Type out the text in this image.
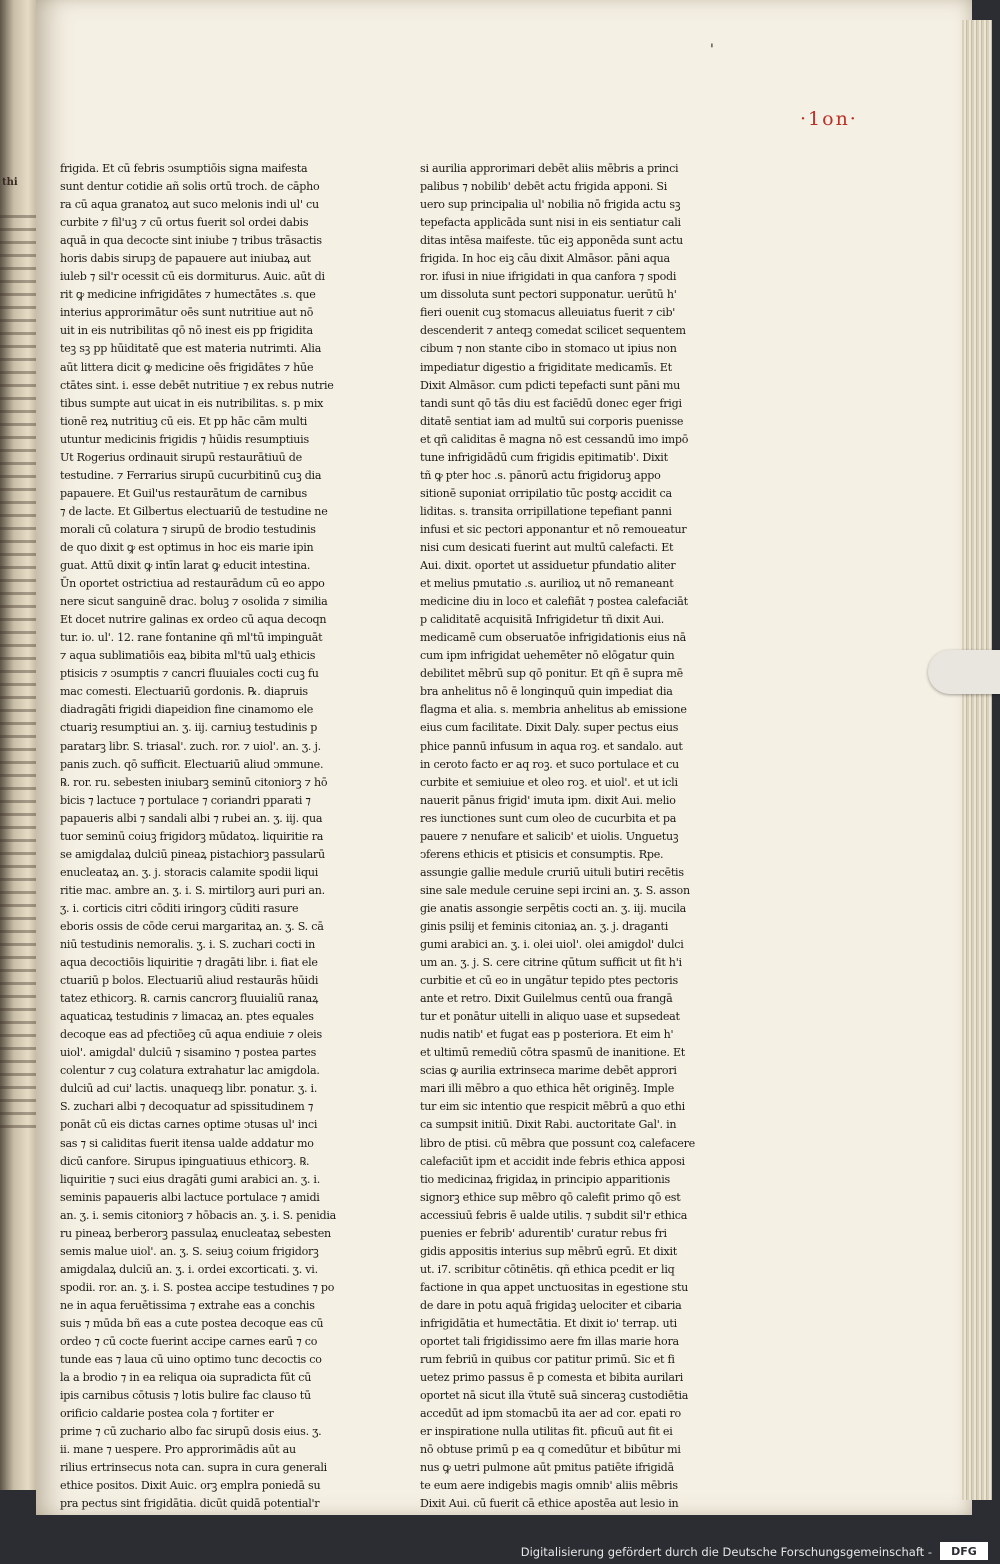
thi
'
·1on·
frigida. Et cū febris ↄsumptiōis signa maifesta
sunt dentur cotidie añ solis ortū troch. de cāpho
ra cū aqua granatoꝝ aut suco melonis indi ul' cu
curbite ⁊ fil'uꝫ ⁊ cū ortus fuerit sol ordei dabis
aquā in qua decocte sint iniube ⁊ tribus trāsactis
horis dabis sirupꝫ de papauere aut iniubaꝝ aut
iuleb ⁊ sil'r ocessit cū eis dormiturus. Auic. aūt di
rit ꝙ medicine infrigidātes ⁊ humectātes .s. que
interius approrimātur oēs sunt nutritiue aut nō
uit in eis nutribilitas qō nō inest eis pp frigidita
teꝫ sꝫ pp hūiditatē que est materia nutrimti. Alia
aūt littera dicit ꝙ medicine oēs frigidātes ⁊ hūe
ctātes sint. i. esse debēt nutritiue ⁊ ex rebus nutrie
tibus sumpte aut uicat in eis nutribilitas. s. p mix
tionē reꝝ nutritiuꝫ cū eis. Et pp hāc cām multi
utuntur medicinis frigidis ⁊ hūidis resumptiuis
Ut Rogerius ordinauit sirupū restaurātiuū de
testudine. ⁊ Ferrarius sirupū cucurbitinū cuꝫ dia
papauere. Et Guil'us restaurātum de carnibus
⁊ de lacte. Et Gilbertus electuariū de testudine ne
morali cū colatura ⁊ sirupū de brodio testudinis
de quo dixit ꝙ est optimus in hoc eis marie ipin
guat. Attū dixit ꝙ intīn larat ꝙ educit intestina.
Ūn oportet ostrictiua ad restaurādum cū eo appo
nere sicut sanguinē drac. boluꝫ ⁊ osolida ⁊ similia
Et docet nutrire galinas ex ordeo cū aqua decoqn
tur. io. ul'. 12. rane fontanine qñ ml'tū impinguāt
⁊ aqua sublimatiōis eaꝝ bibita ml'tū ualꝫ ethicis
ptisicis ⁊ ↄsumptis ⁊ cancri fluuiales cocti cuꝫ fu
mac comesti. Electuariū gordonis. ℞. diapruis
diadragāti frigidi diapeidion fine cinamomo ele
ctuariꝫ resumptiui an. ʒ. iij. carniuꝫ testudinis p
paratarꝫ libr. S. triasal'. zuch. ror. ⁊ uiol'. an. ʒ. j.
panis zuch. qō sufficit. Electuariū aliud ↄmmune.
℞. ror. ru. sebesten iniubarꝫ seminū citoniorꝫ ⁊ hō
bicis ⁊ lactuce ⁊ portulace ⁊ coriandri pparati ⁊
papaueris albi ⁊ sandali albi ⁊ rubei an. ʒ. iij. qua
tuor seminū coiuꝫ frigidorꝫ mūdatoꝝ. liquiritie ra
se amigdalaꝝ dulciū pineaꝝ pistachiorꝫ passularū
enucleataꝝ an. ʒ. j. storacis calamite spodii liqui
ritie mac. ambre an. ʒ. i. S. mirtilorꝫ auri puri an.
ʒ. i. corticis citri cōditi iringorꝫ cūditi rasure
eboris ossis de cōde cerui margaritaꝝ an. ʒ. S. cā
niū testudinis nemoralis. ʒ. i. S. zuchari cocti in
aqua decoctiōis liquiritie ⁊ dragāti libr. i. fiat ele
ctuariū p bolos. Electuariū aliud restaurās hūidi
tatez ethicorꝫ. ℞. carnis cancrorꝫ fluuialiū ranaꝝ
aquaticaꝝ testudinis ⁊ limacaꝝ an. ptes equales
decoque eas ad pfectiōeꝫ cū aqua endiuie ⁊ oleis
uiol'. amigdal' dulciū ⁊ sisamino ⁊ postea partes
colentur ⁊ cuꝫ colatura extrahatur lac amigdola.
dulciū ad cui' lactis. unaqueqꝫ libr. ponatur. ʒ. i.
S. zuchari albi ⁊ decoquatur ad spissitudinem ⁊
ponāt cū eis dictas carnes optime ↄtusas ul' inci
sas ⁊ si caliditas fuerit itensa ualde addatur mo
dicū canfore. Sirupus ipinguatiuus ethicorꝫ. ℞.
liquiritie ⁊ suci eius dragāti gumi arabici an. ʒ. i.
seminis papaueris albi lactuce portulace ⁊ amidi
an. ʒ. i. semis citoniorꝫ ⁊ hōbacis an. ʒ. i. S. penidia
ru pineaꝝ berberorꝫ passulaꝝ enucleataꝝ sebesten
semis malue uiol'. an. ʒ. S. seiuꝫ coium frigidorꝫ
amigdalaꝝ dulciū an. ʒ. i. ordei excorticati. ʒ. vi.
spodii. ror. an. ʒ. i. S. postea accipe testudines ⁊ po
ne in aqua feruētissima ⁊ extrahe eas a conchis
suis ⁊ mūda bñ eas a cute postea decoque eas cū
ordeo ⁊ cū cocte fuerint accipe carnes earū ⁊ co
tunde eas ⁊ laua cū uino optimo tunc decoctis co
la a brodio ⁊ in ea reliqua oia supradicta fūt cū
ipis carnibus cōtusis ⁊ lotis bulire fac clauso tū
orificio caldarie postea cola ⁊ fortiter er
prime ⁊ cū zuchario albo fac sirupū dosis eius. ʒ.
ii. mane ⁊ uespere. Pro approrimādis aūt au
rilius ertrinsecus nota can. supra in cura generali
ethice positos. Dixit Auic. orꝫ emplra poniedā su
pra pectus sint frigidātia. dicūt quidā potential'r
si aurilia approrimari debēt aliis mēbris a princi
palibus ⁊ nobilib' debēt actu frigida apponi. Si
uero sup principalia ul' nobilia nō frigida actu sꝫ
tepefacta applicāda sunt nisi in eis sentiatur cali
ditas intēsa maifeste. tūc eiꝫ apponēda sunt actu
frigida. In hoc eiꝫ cāu dixit Almāsor. pāni aqua
ror. ifusi in niue ifrigidati in qua canfora ⁊ spodi
um dissoluta sunt pectori supponatur. uerūtū h'
fieri ouenit cuꝫ stomacus alleuiatus fuerit ⁊ cib'
descenderit ⁊ anteqꝫ comedat scilicet sequentem
cibum ⁊ non stante cibo in stomaco ut ipius non
impediatur digestio a frigiditate medicamīs. Et
Dixit Almāsor. cum pdicti tepefacti sunt pāni mu
tandi sunt qō tās diu est faciēdū donec eger frigi
ditatē sentiat iam ad multū sui corporis puenisse
et qñ caliditas ē magna nō est cessandū imo impō
tune infrigidādū cum frigidis epitimatib'. Dixit
tñ ꝙ pter hoc .s. pānorū actu frigidoruꝫ appo
sitionē suponiat orripilatio tūc postꝙ accidit ca
liditas. s. transita orripillatione tepefiant panni
infusi et sic pectori apponantur et nō remoueatur
nisi cum desicati fuerint aut multū calefacti. Et
Aui. dixit. oportet ut assiduetur pfundatio aliter
et melius pmutatio .s. aurilioꝝ ut nō remaneant
medicine diu in loco et calefiāt ⁊ postea calefaciāt
p caliditatē acquisitā Infrigidetur tñ dixit Aui.
medicamē cum obseruatōe infrigidationis eius nā
cum ipm infrigidat uehemēter nō elōgatur quin
debilitet mēbrū sup qō ponitur. Et qñ ē supra mē
bra anhelitus nō ē longinquū quin impediat dia
flagma et alia. s. membria anhelitus ab emissione
eius cum facilitate. Dixit Daly. super pectus eius
phice pannū infusum in aqua roꝫ. et sandalo. aut
in cerоto facto er aq roꝫ. et suco portulace et cu
curbite et semiuiue et oleo roꝫ. et uiol'. et ut icli
nauerit pānus frigid' imuta ipm. dixit Aui. melio
res iunctiones sunt cum oleo de cucurbita et pa
pauere ⁊ nenufare et salicib' et uiolis. Unguetuꝫ
ↄferens ethicis et ptisicis et consumptis. Rpe.
assungie gallie medule cruriū uituli butiri recētis
sine sale medule ceruine sepi ircini an. ʒ. S. asson
gie anatis assongie serpētis cocti an. ʒ. iij. mucila
ginis psilij et feminis citoniaꝝ an. ʒ. j. draganti
gumi arabici an. ʒ. i. olei uiol'. olei amigdol' dulci
um an. ʒ. j. S. cere citrine qūtum sufficit ut fit h'i
curbitie et cū eo in ungātur tepido ptes pectoris
ante et retro. Dixit Guilelmus centū oua frangā
tur et ponātur uitelli in aliquo uase et supsedeat
nudis natib' et fugat eas p posteriora. Et eim h'
et ultimū remediū cōtra spasmū de inanitione. Et
scias ꝙ aurilia extrinseca marime debēt approri
mari illi mēbro a quo ethica hēt originēꝫ. Imple
tur eim sic intentio que respicit mēbrū a quo ethi
ca sumpsit initiū. Dixit Rabi. auctoritate Gal'. in
libro de ptisi. cū mēbra que possunt coꝝ calefacere
calefaciūt ipm et accidit inde febris ethica apposi
tio medicinaꝝ frigidaꝝ in principio apparitionis
signorꝫ ethice sup mēbro qō calefit primo qō est
accessiuū febris ē ualde utilis. ⁊ subdit sil'r ethica
puenies er febrib' adurentib' curatur rebus fri
gidis appositis interius sup mēbrū egrū. Et dixit
ut. i7. scribitur cōtinētis. qñ ethica pcedit er liq
factione in qua appet unctuositas in egestione stu
de dare in potu aquā frigidaꝫ uelociter et cibaria
infrigidātia et humectātia. Et dixit io' terrap. uti
oportet tali frigidissimo aere fm illas marie hora
rum febriū in quibus cor patitur primū. Sic et fi
uetez primo passus ē p comesta et bibita aurilari
oportet nā sicut illa ṽtutē suā sinceraꝫ custodiētia
accedūt ad ipm stomacbū ita aer ad cor. epati ro
er inspiratione nulla utilitas fit. pficuū aut fit ei
nō obtuse primū p ea q comedūtur et bibūtur mi
nus ꝙ uetri pulmone aūt pmitus patiēte ifrigidā
te eum aere indigebis magis omnib' aliis mēbris
Dixit Aui. cū fuerit cā ethice apostēa aut lesio in
Digitalisierung gefördert durch die Deutsche Forschungsgemeinschaft -	DFG
